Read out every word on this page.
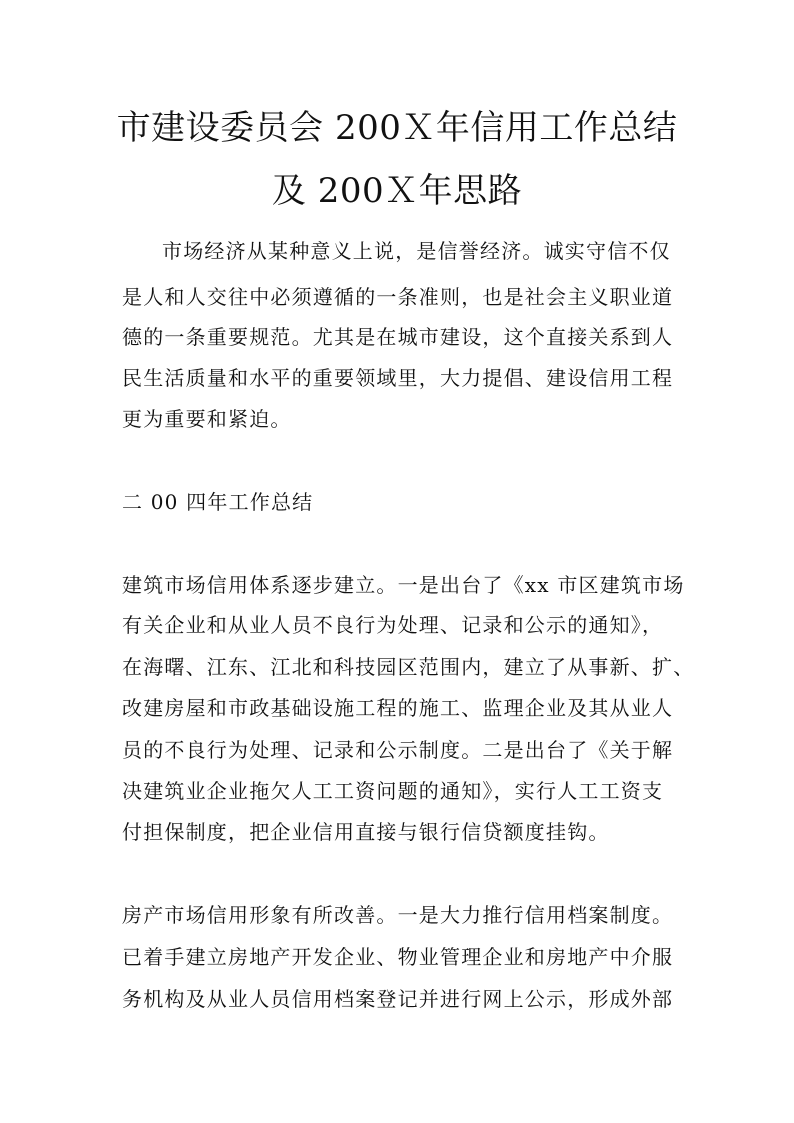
市建设委员会 200Ｘ年信用工作总结
及 200Ｘ年思路
市场经济从某种意义上说，是信誉经济。诚实守信不仅
是人和人交往中必须遵循的一条准则，也是社会主义职业道
德的一条重要规范。尤其是在城市建设，这个直接关系到人
民生活质量和水平的重要领域里，大力提倡、建设信用工程
更为重要和紧迫。
二 00 四年工作总结
建筑市场信用体系逐步建立。一是出台了《xx 市区建筑市场
有关企业和从业人员不良行为处理、记录和公示的通知》，
在海曙、江东、江北和科技园区范围内，建立了从事新、扩、
改建房屋和市政基础设施工程的施工、监理企业及其从业人
员的不良行为处理、记录和公示制度。二是出台了《关于解
决建筑业企业拖欠人工工资问题的通知》，实行人工工资支
付担保制度，把企业信用直接与银行信贷额度挂钩。
房产市场信用形象有所改善。一是大力推行信用档案制度。
已着手建立房地产开发企业、物业管理企业和房地产中介服
务机构及从业人员信用档案登记并进行网上公示，形成外部
